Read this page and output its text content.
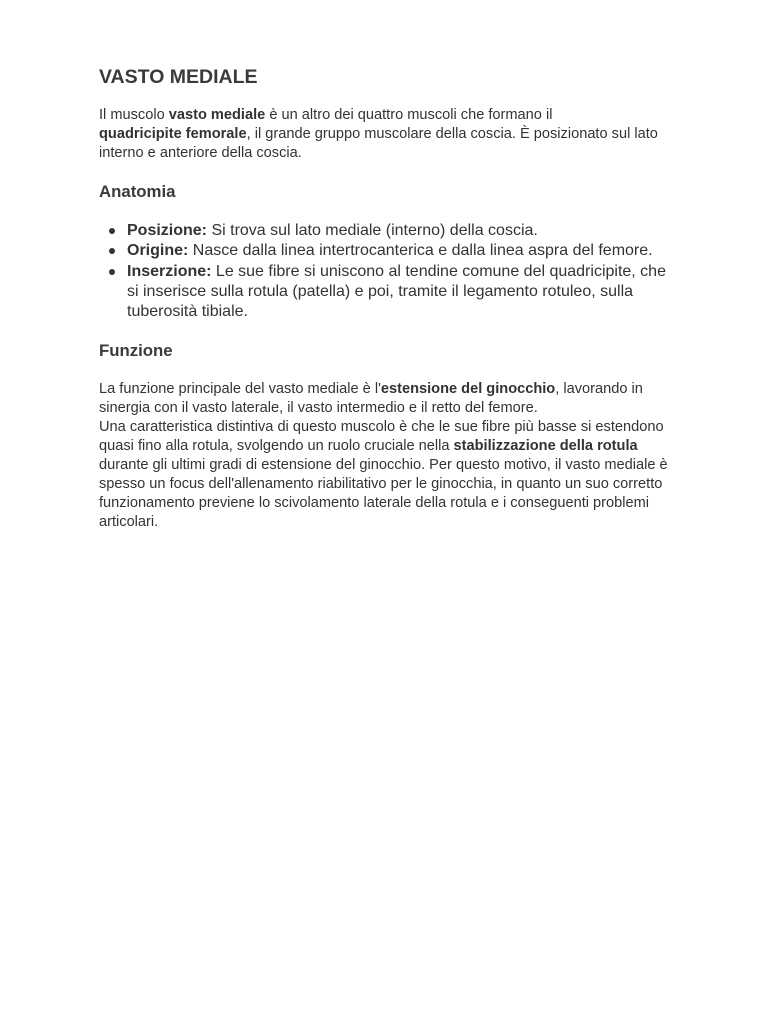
VASTO MEDIALE

Il muscolo vasto mediale è un altro dei quattro muscoli che formano il
quadricipite femorale, il grande gruppo muscolare della coscia. È posizionato sul lato interno e anteriore della coscia.

Anatomia
Posizione: Si trova sul lato mediale (interno) della coscia.
Origine: Nasce dalla linea intertrocanterica e dalla linea aspra del femore.
Inserzione: Le sue fibre si uniscono al tendine comune del quadricipite, che si inserisce sulla rotula (patella) e poi, tramite il legamento rotuleo, sulla tuberosità tibiale.
Funzione
La funzione principale del vasto mediale è l'estensione del ginocchio, lavorando in sinergia con il vasto laterale, il vasto intermedio e il retto del femore.
Una caratteristica distintiva di questo muscolo è che le sue fibre più basse si estendono quasi fino alla rotula, svolgendo un ruolo cruciale nella stabilizzazione della rotula durante gli ultimi gradi di estensione del ginocchio. Per questo motivo, il vasto mediale è spesso un focus dell'allenamento riabilitativo per le ginocchia, in quanto un suo corretto funzionamento previene lo scivolamento laterale della rotula e i conseguenti problemi articolari.
